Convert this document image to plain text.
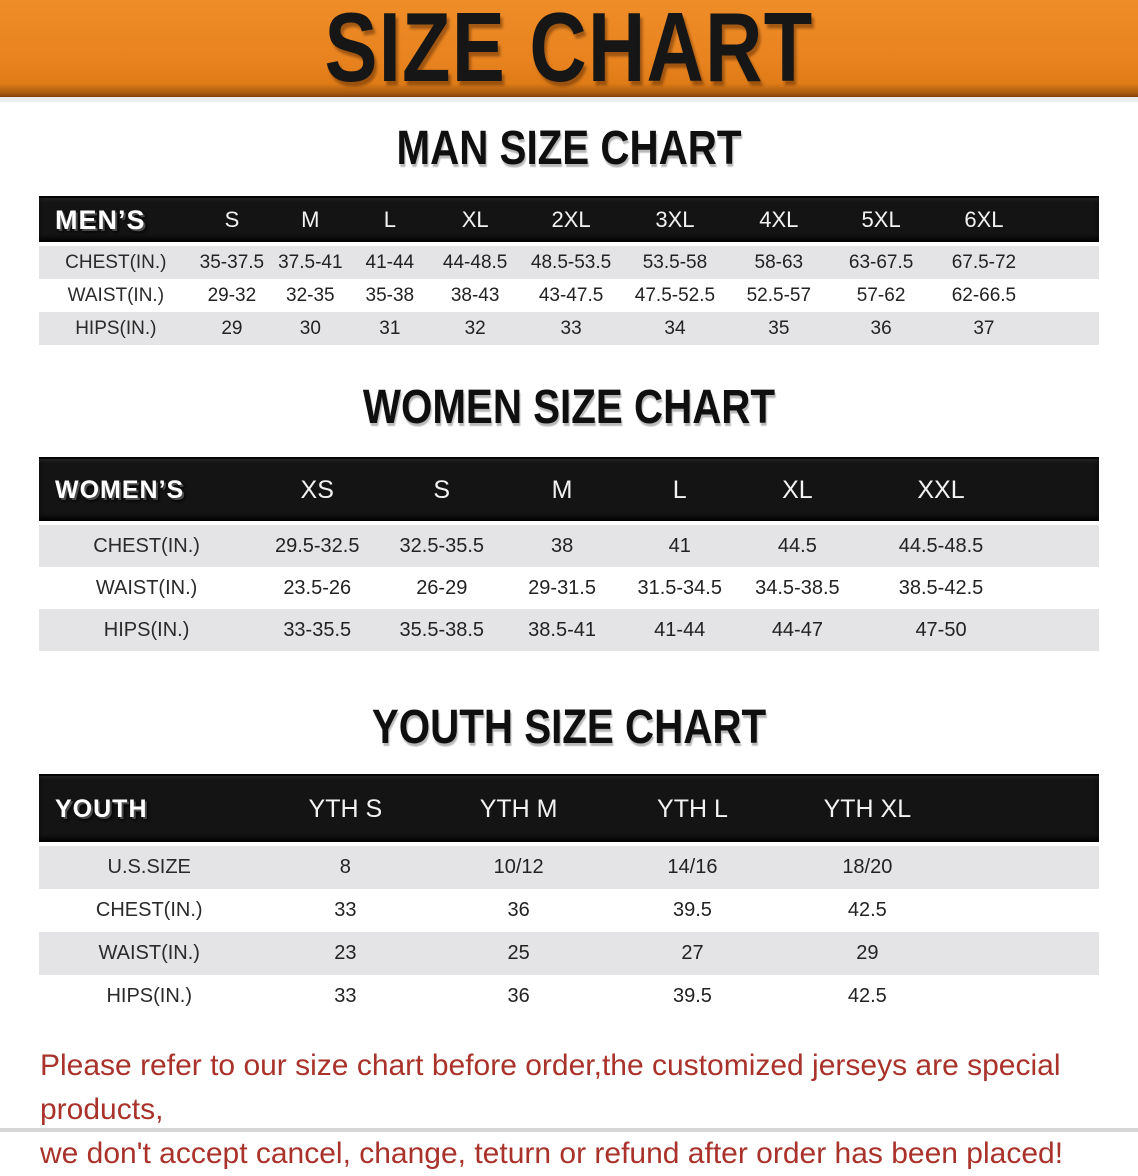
SIZE CHART
MAN SIZE CHART
MEN’S	S	M	L	XL	2XL	3XL	4XL	5XL	6XL
CHEST(IN.)	35-37.5 37.5-41	41-44	44-48.5	48.5-53.5	53.5-58	58-63	63-67.5	67.5-72
WAIST(IN.)	29-32	32-35	35-38	38-43	43-47.5	47.5-52.5	52.5-57	57-62	62-66.5
HIPS(IN.)	29	30	31	32	33	34	35	36	37
WOMEN SIZE CHART
WOMEN’S	XS	S	M	L	XL	XXL
CHEST(IN.)	29.5-32.5	32.5-35.5	38	41	44.5	44.5-48.5
WAIST(IN.)	23.5-26	26-29	29-31.5	31.5-34.5	34.5-38.5	38.5-42.5
HIPS(IN.)	33-35.5	35.5-38.5	38.5-41	41-44	44-47	47-50
YOUTH SIZE CHART
YOUTH	YTH S	YTH M	YTH L	YTH XL
U.S.SIZE	8	10/12	14/16	18/20
CHEST(IN.)	33	36	39.5	42.5
WAIST(IN.)	23	25	27	29
HIPS(IN.)	33	36	39.5	42.5

Please refer to our size chart before order,the customized jerseys are special products,
we don't accept cancel, change, teturn or refund after order has been placed!
